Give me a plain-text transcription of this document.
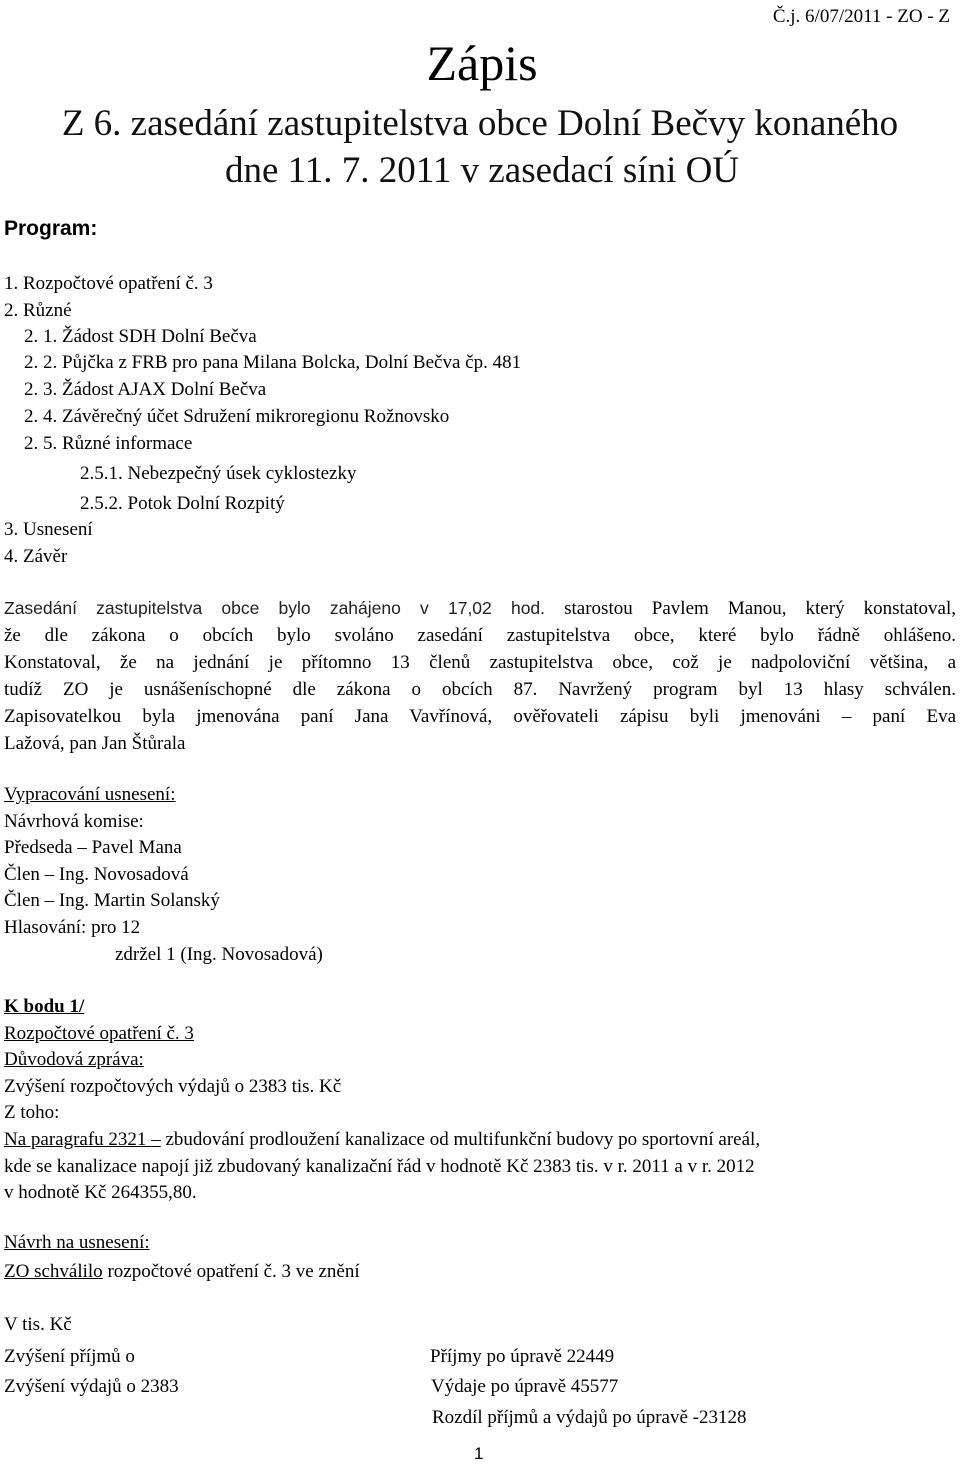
Č.j. 6/07/2011 - ZO - Z
Zápis
Z 6. zasedání zastupitelstva obce Dolní Bečvy konaného
dne 11. 7. 2011 v zasedací síni OÚ
Program:
1. Rozpočtové opatření č. 3
2. Různé
2. 1. Žádost SDH Dolní Bečva
2. 2. Půjčka z FRB pro pana Milana Bolcka, Dolní Bečva čp. 481
2. 3. Žádost AJAX Dolní Bečva
2. 4. Závěrečný účet Sdružení mikroregionu Rožnovsko
2. 5. Různé informace
2.5.1. Nebezpečný úsek cyklostezky
2.5.2. Potok Dolní Rozpitý
3. Usnesení
4. Závěr
Zasedání zastupitelstva obce bylo zahájeno v 17,02 hod. starostou Pavlem Manou, který konstatoval,
že dle zákona o obcích bylo svoláno zasedání zastupitelstva obce, které bylo řádně ohlášeno.
Konstatoval, že na jednání je přítomno 13 členů zastupitelstva obce, což je nadpoloviční většina, a
tudíž ZO je usnášeníschopné dle zákona o obcích 87. Navržený program byl 13 hlasy schválen.
Zapisovatelkou byla jmenována paní Jana Vavřínová, ověřovateli zápisu byli jmenováni – paní Eva
Lažová, pan Jan Štůrala
Vypracování usnesení:
Návrhová komise:
Předseda – Pavel Mana
Člen – Ing. Novosadová
Člen – Ing. Martin Solanský
Hlasování: pro 12
zdržel 1 (Ing. Novosadová)
K bodu 1/
Rozpočtové opatření č. 3
Důvodová zpráva:
Zvýšení rozpočtových výdajů o 2383 tis. Kč
Z toho:
Na paragrafu 2321 – zbudování prodloužení kanalizace od multifunkční budovy po sportovní areál,
kde se kanalizace napojí již zbudovaný kanalizační řád v hodnotě Kč 2383 tis. v r. 2011 a v r. 2012
v hodnotě Kč 264355,80.
Návrh na usnesení:
ZO schválilo rozpočtové opatření č. 3 ve znění
V tis. Kč
Zvýšení příjmů o	Příjmy po úpravě 22449
Zvýšení výdajů o 2383	Výdaje po úpravě 45577
Rozdíl příjmů a výdajů po úpravě -23128
1
